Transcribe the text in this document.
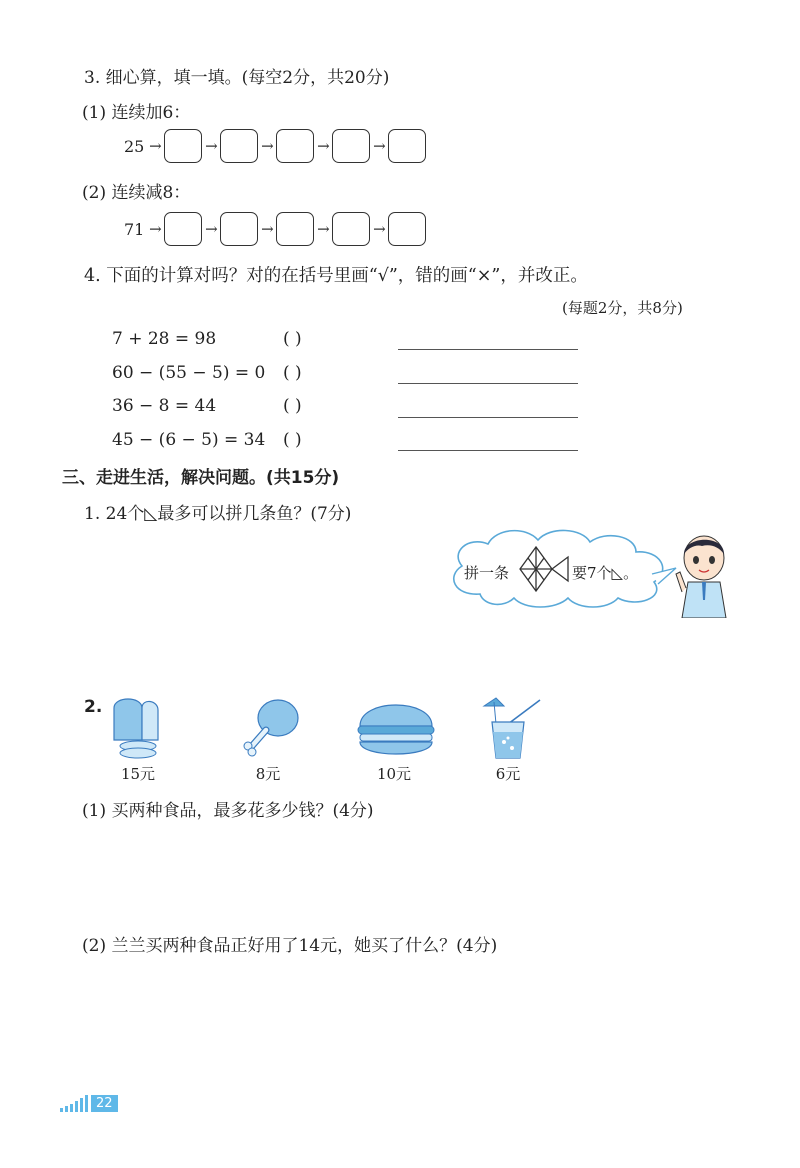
3. 细心算，填一填。(每空2分，共20分)
(1) 连续加6：
25 →	→	→	→	→
(2) 连续减8：
71 →	→	→	→	→
4. 下面的计算对吗？对的在括号里画“√”，错的画“×”，并改正。
(每题2分，共8分)
7 + 28 = 98	( )
60 − (55 − 5) = 0 ( )
36 − 8 = 44	( )
45 − (6 − 5) = 34 ( )
三、走进生活，解决问题。(共15分)
1. 24个◺最多可以拼几条鱼？(7分)
拼一条	要7个◺。
2.
15元	8元	10元	6元
(1) 买两种食品，最多花多少钱？(4分)
(2) 兰兰买两种食品正好用了14元，她买了什么？(4分)
22
